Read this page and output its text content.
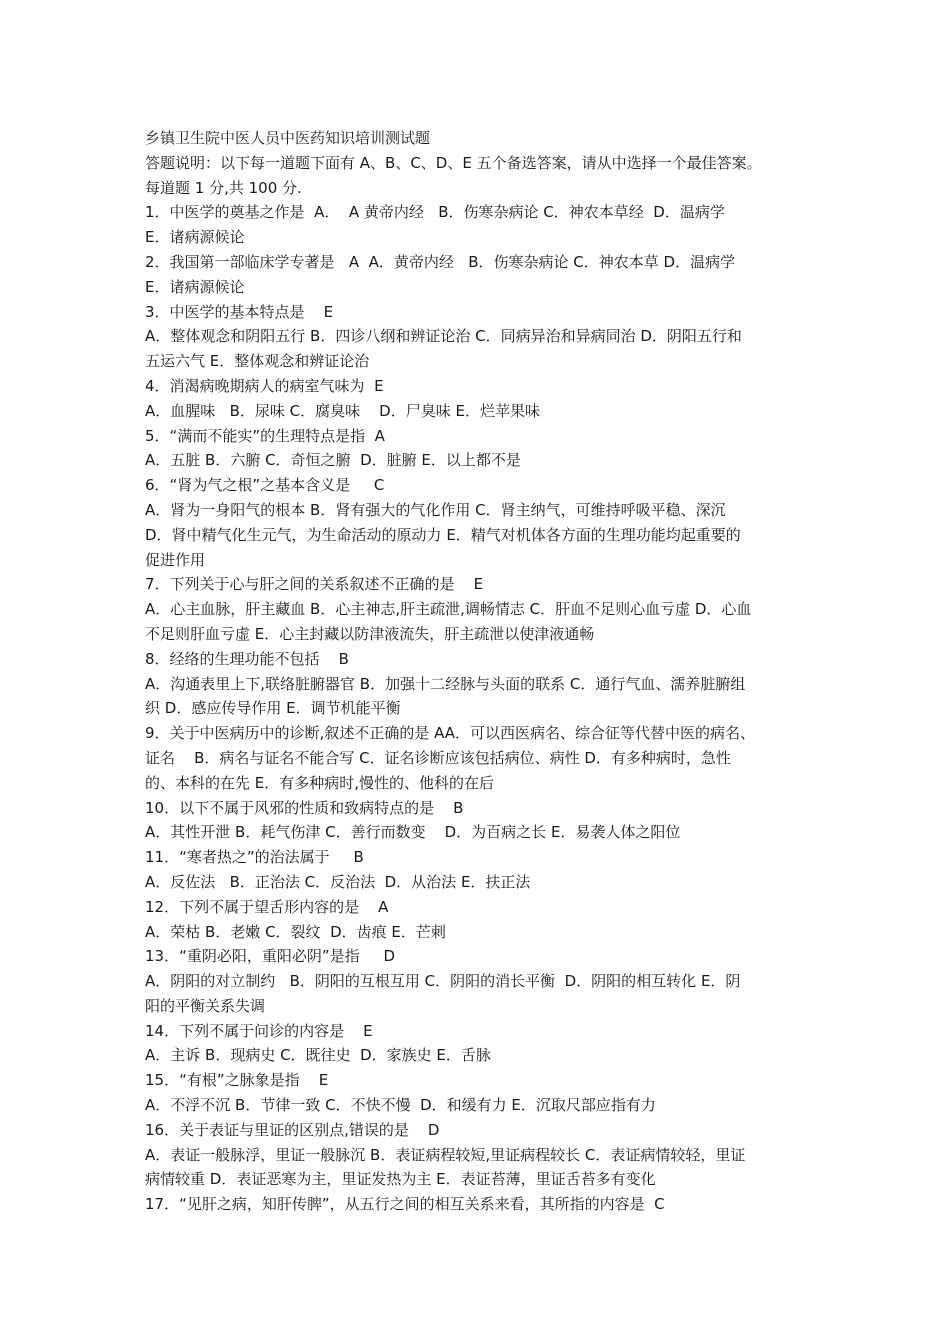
乡镇卫生院中医人员中医药知识培训测试题
答题说明：以下每一道题下面有 A、B、C、D、E 五个备选答案，请从中选择一个最佳答案。
每道题 1 分,共 100 分.
1．中医学的奠基之作是  A．  A 黄帝内经   B．伤寒杂病论 C．神农本草经  D．温病学
E．诸病源候论
2．我国第一部临床学专著是   A  A．黄帝内经   B．伤寒杂病论 C．神农本草 D．温病学
E．诸病源候论
3．中医学的基本特点是    E
A．整体观念和阴阳五行 B．四诊八纲和辨证论治 C．同病异治和异病同治 D．阴阳五行和
五运六气 E．整体观念和辨证论治
4．消渴病晚期病人的病室气味为  E
A．血腥味   B．尿味 C．腐臭味    D．尸臭味 E．烂苹果味
5．“满而不能实”的生理特点是指  A
A．五脏 B．六腑 C．奇恒之腑  D．脏腑 E．以上都不是
6．“肾为气之根”之基本含义是     C
A．肾为一身阳气的根本 B．肾有强大的气化作用 C．肾主纳气，可维持呼吸平稳、深沉
D．肾中精气化生元气，为生命活动的原动力 E．精气对机体各方面的生理功能均起重要的
促进作用
7．下列关于心与肝之间的关系叙述不正确的是    E
A．心主血脉，肝主藏血 B．心主神志,肝主疏泄,调畅情志 C．肝血不足则心血亏虚 D．心血
不足则肝血亏虚 E．心主封藏以防津液流失，肝主疏泄以使津液通畅
8．经络的生理功能不包括    B
A．沟通表里上下,联络脏腑器官 B．加强十二经脉与头面的联系 C．通行气血、濡养脏腑组
织 D．感应传导作用 E．调节机能平衡
9．关于中医病历中的诊断,叙述不正确的是 AA．可以西医病名、综合征等代替中医的病名、
证名    B．病名与证名不能合写 C．证名诊断应该包括病位、病性 D．有多种病时，急性
的、本科的在先 E．有多种病时,慢性的、他科的在后
10．以下不属于风邪的性质和致病特点的是    B
A．其性开泄 B．耗气伤津 C．善行而数变    D．为百病之长 E．易袭人体之阳位
11．“寒者热之”的治法属于     B
A．反佐法   B．正治法 C．反治法  D．从治法 E．扶正法
12．下列不属于望舌形内容的是    A
A．荣枯 B．老嫩 C．裂纹  D．齿痕 E．芒刺
13．“重阴必阳，重阳必阴”是指     D
A．阴阳的对立制约   B．阴阳的互根互用 C．阴阳的消长平衡  D．阴阳的相互转化 E．阴
阳的平衡关系失调
14．下列不属于问诊的内容是    E
A．主诉 B．现病史 C．既往史  D．家族史 E．舌脉
15．“有根”之脉象是指    E
A．不浮不沉 B．节律一致 C．不快不慢  D．和缓有力 E．沉取尺部应指有力
16．关于表证与里证的区别点,错误的是    D
A．表证一般脉浮，里证一般脉沉 B．表证病程较短,里证病程较长 C．表证病情较轻，里证
病情较重 D．表证恶寒为主，里证发热为主 E．表证苔薄，里证舌苔多有变化
17．“见肝之病，知肝传脾”，从五行之间的相互关系来看，其所指的内容是  C
